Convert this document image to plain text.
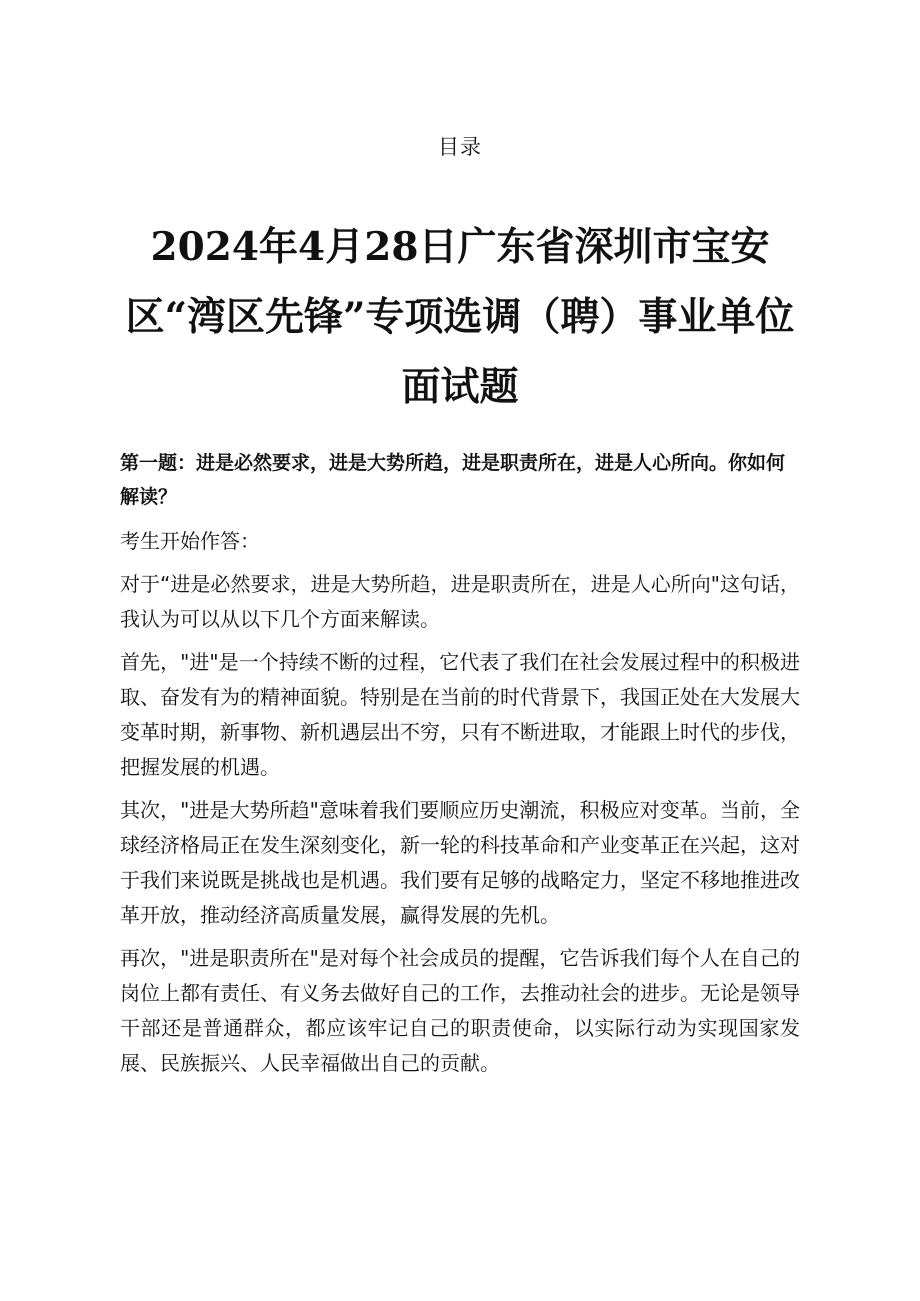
目录
2024年4月28日广东省深圳市宝安区“湾区先锋”专项选调（聘）事业单位面试题

第一题：进是必然要求，进是大势所趋，进是职责所在，进是人心所向。你如何解读？

考生开始作答：

对于“进是必然要求，进是大势所趋，进是职责所在，进是人心所向"这句话，我认为可以从以下几个方面来解读。

首先，"进"是一个持续不断的过程，它代表了我们在社会发展过程中的积极进取、奋发有为的精神面貌。特别是在当前的时代背景下，我国正处在大发展大变革时期，新事物、新机遇层出不穷，只有不断进取，才能跟上时代的步伐，把握发展的机遇。

其次，"进是大势所趋"意味着我们要顺应历史潮流，积极应对变革。当前，全球经济格局正在发生深刻变化，新一轮的科技革命和产业变革正在兴起，这对于我们来说既是挑战也是机遇。我们要有足够的战略定力，坚定不移地推进改革开放，推动经济高质量发展，赢得发展的先机。

再次，"进是职责所在"是对每个社会成员的提醒，它告诉我们每个人在自己的岗位上都有责任、有义务去做好自己的工作，去推动社会的进步。无论是领导干部还是普通群众，都应该牢记自己的职责使命，以实际行动为实现国家发展、民族振兴、人民幸福做出自己的贡献。
